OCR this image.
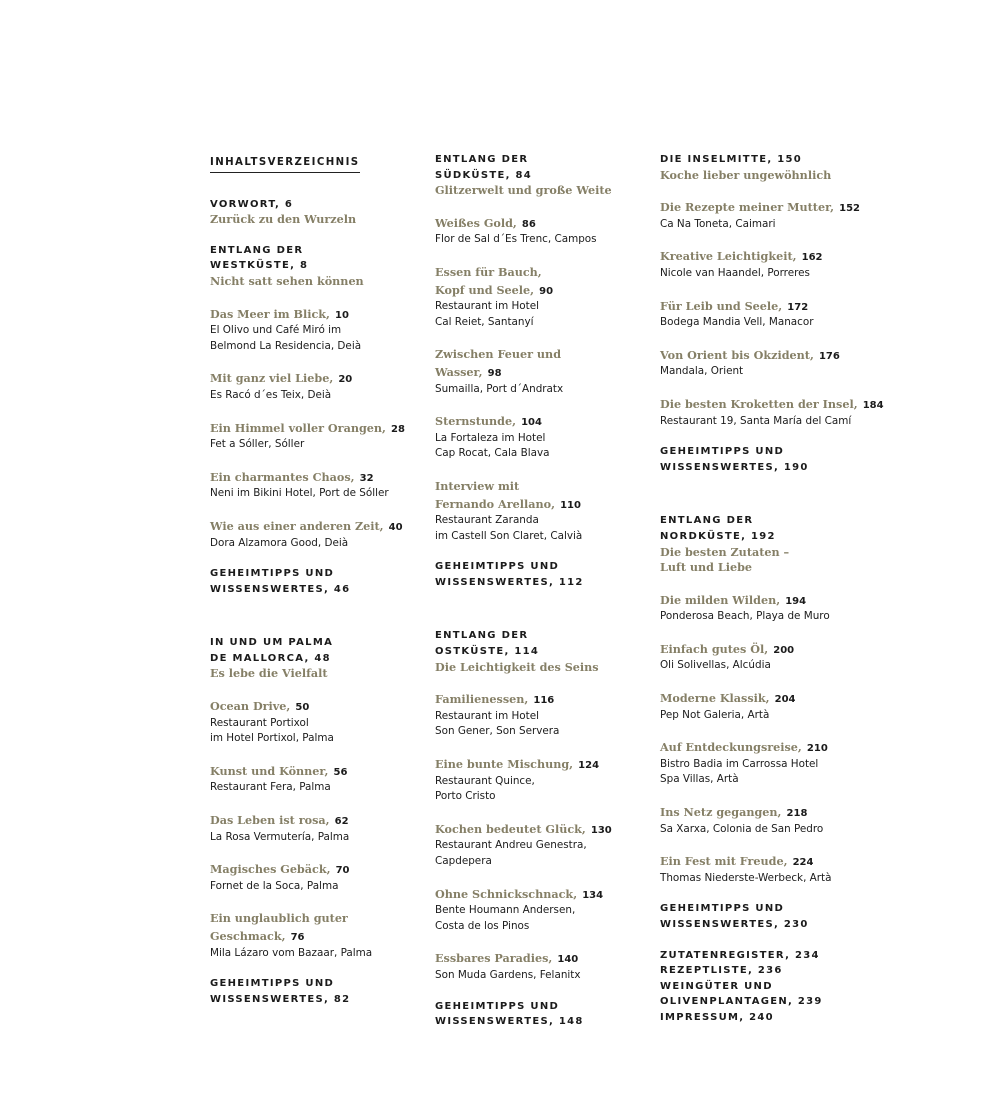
INHALTSVERZEICHNIS
VORWORT, 6
Zurück zu den Wurzeln
ENTLANG DER
WESTKÜSTE, 8
Nicht satt sehen können
Das Meer im Blick, 10
El Olivo und Café Miró im
Belmond La Residencia, Deià
Mit ganz viel Liebe, 20
Es Racó d´es Teix, Deià
Ein Himmel voller Orangen, 28
Fet a Sóller, Sóller
Ein charmantes Chaos, 32
Neni im Bikini Hotel, Port de Sóller
Wie aus einer anderen Zeit, 40
Dora Alzamora Good, Deià
GEHEIMTIPPS UND
WISSENSWERTES, 46
IN UND UM PALMA
DE MALLORCA, 48
Es lebe die Vielfalt
Ocean Drive, 50
Restaurant Portixol
im Hotel Portixol, Palma
Kunst und Könner, 56
Restaurant Fera, Palma
Das Leben ist rosa, 62
La Rosa Vermutería, Palma
Magisches Gebäck, 70
Fornet de la Soca, Palma
Ein unglaublich guter
Geschmack, 76
Mila Lázaro vom Bazaar, Palma
GEHEIMTIPPS UND
WISSENSWERTES, 82
ENTLANG DER
SÜDKÜSTE, 84
Glitzerwelt und große Weite
Weißes Gold, 86
Flor de Sal d´Es Trenc, Campos
Essen für Bauch,
Kopf und Seele, 90
Restaurant im Hotel
Cal Reiet, Santanyí
Zwischen Feuer und
Wasser, 98
Sumailla, Port d´Andratx
Sternstunde, 104
La Fortaleza im Hotel
Cap Rocat, Cala Blava
Interview mit
Fernando Arellano, 110
Restaurant Zaranda
im Castell Son Claret, Calvià
GEHEIMTIPPS UND
WISSENSWERTES, 112
ENTLANG DER
OSTKÜSTE, 114
Die Leichtigkeit des Seins
Familienessen, 116
Restaurant im Hotel
Son Gener, Son Servera
Eine bunte Mischung, 124
Restaurant Quince,
Porto Cristo
Kochen bedeutet Glück, 130
Restaurant Andreu Genestra,
Capdepera
Ohne Schnickschnack, 134
Bente Houmann Andersen,
Costa de los Pinos
Essbares Paradies, 140
Son Muda Gardens, Felanitx
GEHEIMTIPPS UND
WISSENSWERTES, 148
DIE INSELMITTE, 150
Koche lieber ungewöhnlich
Die Rezepte meiner Mutter, 152
Ca Na Toneta, Caimari
Kreative Leichtigkeit, 162
Nicole van Haandel, Porreres
Für Leib und Seele, 172
Bodega Mandia Vell, Manacor
Von Orient bis Okzident, 176
Mandala, Orient
Die besten Kroketten der Insel, 184
Restaurant 19, Santa María del Camí
GEHEIMTIPPS UND
WISSENSWERTES, 190
ENTLANG DER
NORDKÜSTE, 192
Die besten Zutaten –
Luft und Liebe
Die milden Wilden, 194
Ponderosa Beach, Playa de Muro
Einfach gutes Öl, 200
Oli Solivellas, Alcúdia
Moderne Klassik, 204
Pep Not Galeria, Artà
Auf Entdeckungsreise, 210
Bistro Badia im Carrossa Hotel
Spa Villas, Artà
Ins Netz gegangen, 218
Sa Xarxa, Colonia de San Pedro
Ein Fest mit Freude, 224
Thomas Niederste-Werbeck, Artà
GEHEIMTIPPS UND
WISSENSWERTES, 230
ZUTATENREGISTER, 234
REZEPTLISTE, 236
WEINGÜTER UND
OLIVENPLANTAGEN, 239
IMPRESSUM, 240
